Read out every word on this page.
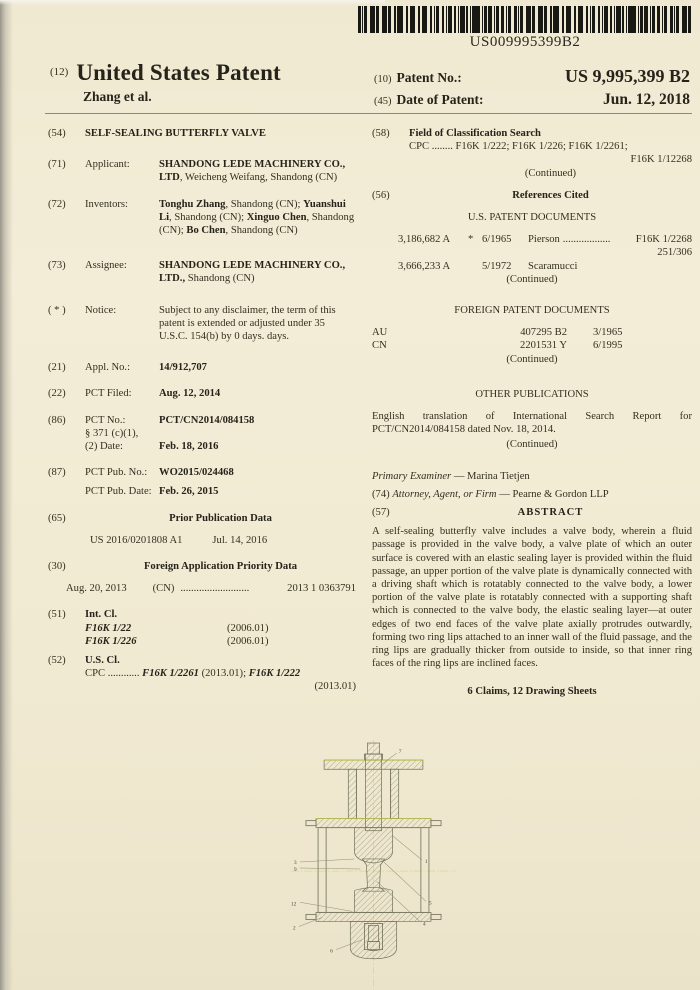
US009995399B2
$^{(12)}$ United States Patent
Zhang et al.
(10) Patent No.:	US 9,995,399 B2
(45) Date of Patent:	Jun. 12, 2018
(54)	SELF-SEALING BUTTERFLY VALVE
(71)	Applicant:	SHANDONG LEDE MACHINERY CO., LTD, Weicheng Weifang, Shandong (CN)
(72)	Inventors:	Tonghu Zhang, Shandong (CN); Yuanshui Li, Shandong (CN); Xinguo Chen, Shandong (CN); Bo Chen, Shandong (CN)
(73)	Assignee:	SHANDONG LEDE MACHINERY CO., LTD., Shandong (CN)
( * )	Notice:	Subject to any disclaimer, the term of this patent is extended or adjusted under 35 U.S.C. 154(b) by 0 days. days.
(21)	Appl. No.:	14/912,707
(22)	PCT Filed:	Aug. 12, 2014
(86)	PCT No.:	PCT/CN2014/084158
§ 371 (c)(1),
(2) Date:	Feb. 18, 2016
(87)	PCT Pub. No.:	WO2015/024468
PCT Pub. Date: Feb. 26, 2015
(65)	Prior Publication Data
US 2016/0201808 A1	Jul. 14, 2016
(30)	Foreign Application Priority Data
Aug. 20, 2013 (CN) ..........................	2013 1 0363791
(51)	Int. Cl.
F16K 1/22	(2006.01)
F16K 1/226	(2006.01)
(52)	U.S. Cl.
CPC ............ F16K 1/2261 (2013.01); F16K 1/222
(2013.01)
(58)	Field of Classification Search
CPC ........ F16K 1/222; F16K 1/226; F16K 1/2261;
F16K 1/12268
(Continued)
(56)	References Cited
U.S. PATENT DOCUMENTS
3,186,682 A	* 6/1965	Pierson ..................	F16K 1/2268
251/306
3,666,233 A	5/1972	Scaramucci
(Continued)
FOREIGN PATENT DOCUMENTS
AU	407295 B2 3/1965
CN	2201531 Y 6/1995
(Continued)
OTHER PUBLICATIONS
English translation of International Search Report for PCT/CN2014/084158 dated Nov. 18, 2014.
(Continued)
Primary Examiner — Marina Tietjen
(74) Attorney, Agent, or Firm — Pearne & Gordon LLP
(57)	ABSTRACT
A self-sealing butterfly valve includes a valve body, wherein a fluid passage is provided in the valve body, a valve plate of which an outer surface is covered with an elastic sealing layer is provided within the fluid passage, an upper portion of the valve plate is dynamically connected with a driving shaft which is rotatably connected to the valve body, a lower portion of the valve plate is rotatably connected with a supporting shaft which is connected to the valve body, the elastic sealing layer—at outer edges of two end faces of the valve plate axially protrudes outwardly, forming two ring lips attached to an inner wall of the fluid passage, and the ring lips are gradually thicker from outside to inside, so that inner ring faces of the ring lips are inclined faces.
6 Claims, 12 Drawing Sheets
7
1
3
9
5
4
12
2
6
